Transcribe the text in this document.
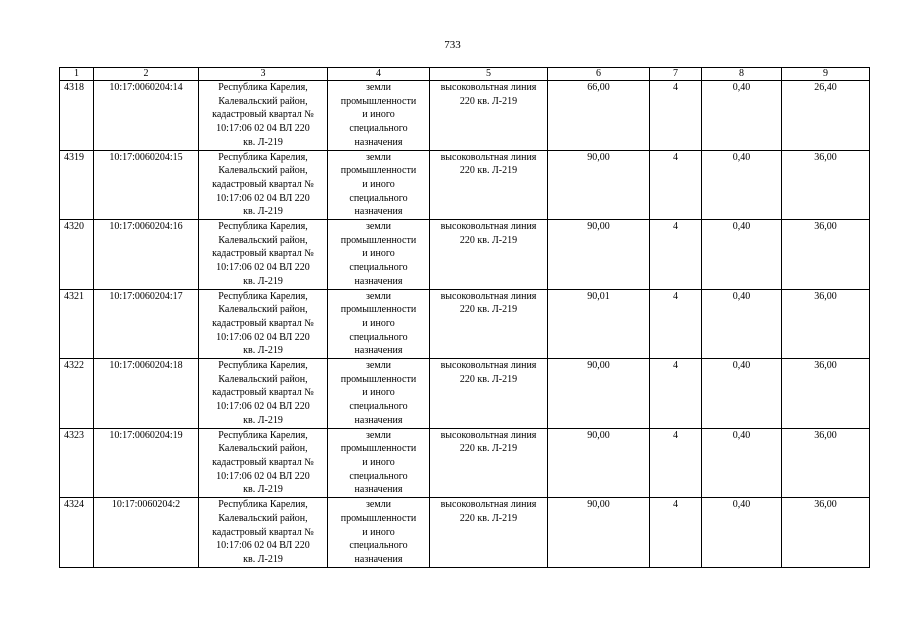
733
1	2	3	4	5	6	7	8	9
4318	10:17:0060204:14	Республика Карелия,
Калевальский район,
кадастровый квартал №
10:17:06 02 04 ВЛ 220
кв. Л-219	земли
промышленности
и иного
специального
назначения	высоковольтная линия
220 кв. Л-219	66,00	4	0,40	26,40
4319	10:17:0060204:15	Республика Карелия,
Калевальский район,
кадастровый квартал №
10:17:06 02 04 ВЛ 220
кв. Л-219	земли
промышленности
и иного
специального
назначения	высоковольтная линия
220 кв. Л-219	90,00	4	0,40	36,00
4320	10:17:0060204:16	Республика Карелия,
Калевальский район,
кадастровый квартал №
10:17:06 02 04 ВЛ 220
кв. Л-219	земли
промышленности
и иного
специального
назначения	высоковольтная линия
220 кв. Л-219	90,00	4	0,40	36,00
4321	10:17:0060204:17	Республика Карелия,
Калевальский район,
кадастровый квартал №
10:17:06 02 04 ВЛ 220
кв. Л-219	земли
промышленности
и иного
специального
назначения	высоковольтная линия
220 кв. Л-219	90,01	4	0,40	36,00
4322	10:17:0060204:18	Республика Карелия,
Калевальский район,
кадастровый квартал №
10:17:06 02 04 ВЛ 220
кв. Л-219	земли
промышленности
и иного
специального
назначения	высоковольтная линия
220 кв. Л-219	90,00	4	0,40	36,00
4323	10:17:0060204:19	Республика Карелия,
Калевальский район,
кадастровый квартал №
10:17:06 02 04 ВЛ 220
кв. Л-219	земли
промышленности
и иного
специального
назначения	высоковольтная линия
220 кв. Л-219	90,00	4	0,40	36,00
4324	10:17:0060204:2	Республика Карелия,
Калевальский район,
кадастровый квартал №
10:17:06 02 04 ВЛ 220
кв. Л-219	земли
промышленности
и иного
специального
назначения	высоковольтная линия
220 кв. Л-219	90,00	4	0,40	36,00
